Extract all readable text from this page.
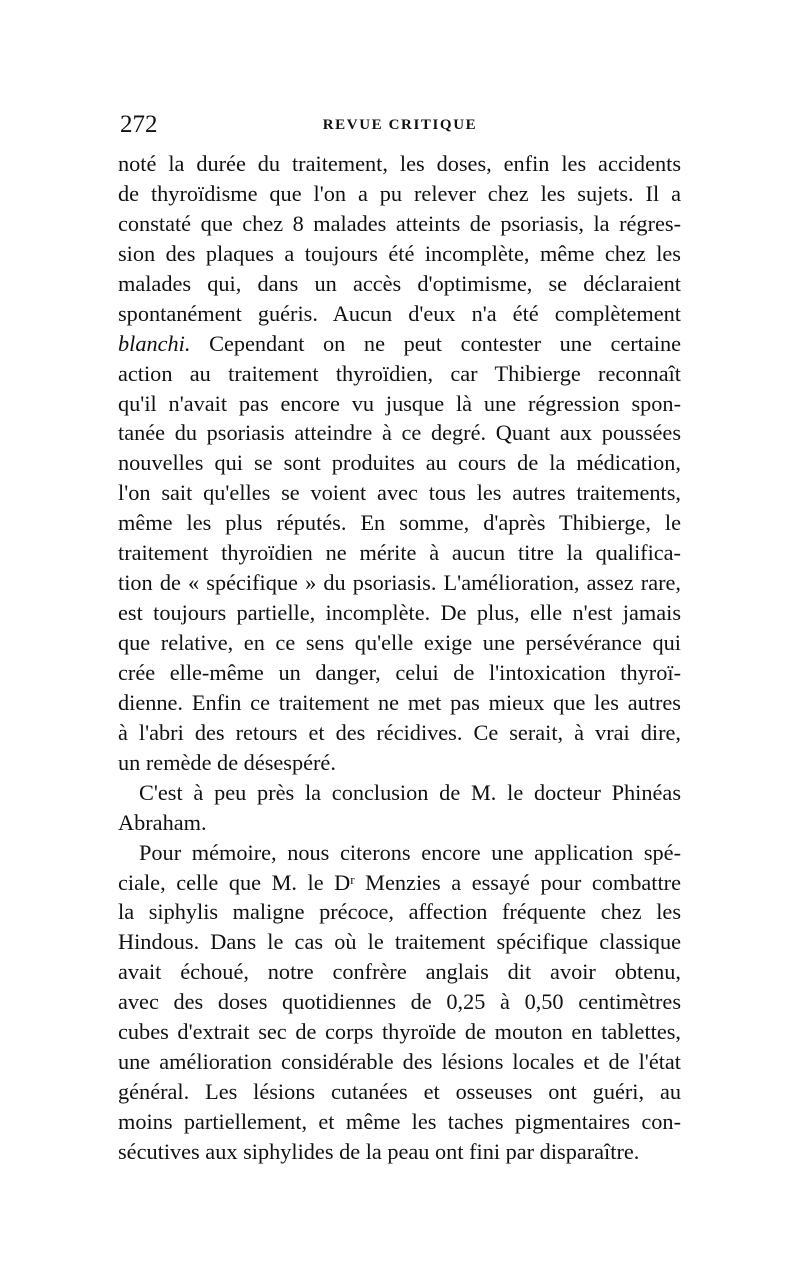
272	REVUE CRITIQUE
noté la durée du traitement, les doses, enfin les accidents
de thyroïdisme que l'on a pu relever chez les sujets. Il a
constaté que chez 8 malades atteints de psoriasis, la régres-
sion des plaques a toujours été incomplète, même chez les
malades qui, dans un accès d'optimisme, se déclaraient
spontanément guéris. Aucun d'eux n'a été complètement
blanchi. Cependant on ne peut contester une certaine
action au traitement thyroïdien, car Thibierge reconnaît
qu'il n'avait pas encore vu jusque là une régression spon-
tanée du psoriasis atteindre à ce degré. Quant aux poussées
nouvelles qui se sont produites au cours de la médication,
l'on sait qu'elles se voient avec tous les autres traitements,
même les plus réputés. En somme, d'après Thibierge, le
traitement thyroïdien ne mérite à aucun titre la qualifica-
tion de « spécifique » du psoriasis. L'amélioration, assez rare,
est toujours partielle, incomplète. De plus, elle n'est jamais
que relative, en ce sens qu'elle exige une persévérance qui
crée elle-même un danger, celui de l'intoxication thyroï-
dienne. Enfin ce traitement ne met pas mieux que les autres
à l'abri des retours et des récidives. Ce serait, à vrai dire,
un remède de désespéré.
C'est à peu près la conclusion de M. le docteur Phinéas
Abraham.
Pour mémoire, nous citerons encore une application spé-
ciale, celle que M. le $D^r$ Menzies a essayé pour combattre
la siphylis maligne précoce, affection fréquente chez les
Hindous. Dans le cas où le traitement spécifique classique
avait échoué, notre confrère anglais dit avoir obtenu,
avec des doses quotidiennes de 0,25 à 0,50 centimètres
cubes d'extrait sec de corps thyroïde de mouton en tablettes,
une amélioration considérable des lésions locales et de l'état
général. Les lésions cutanées et osseuses ont guéri, au
moins partiellement, et même les taches pigmentaires con-
sécutives aux siphylides de la peau ont fini par disparaître.
